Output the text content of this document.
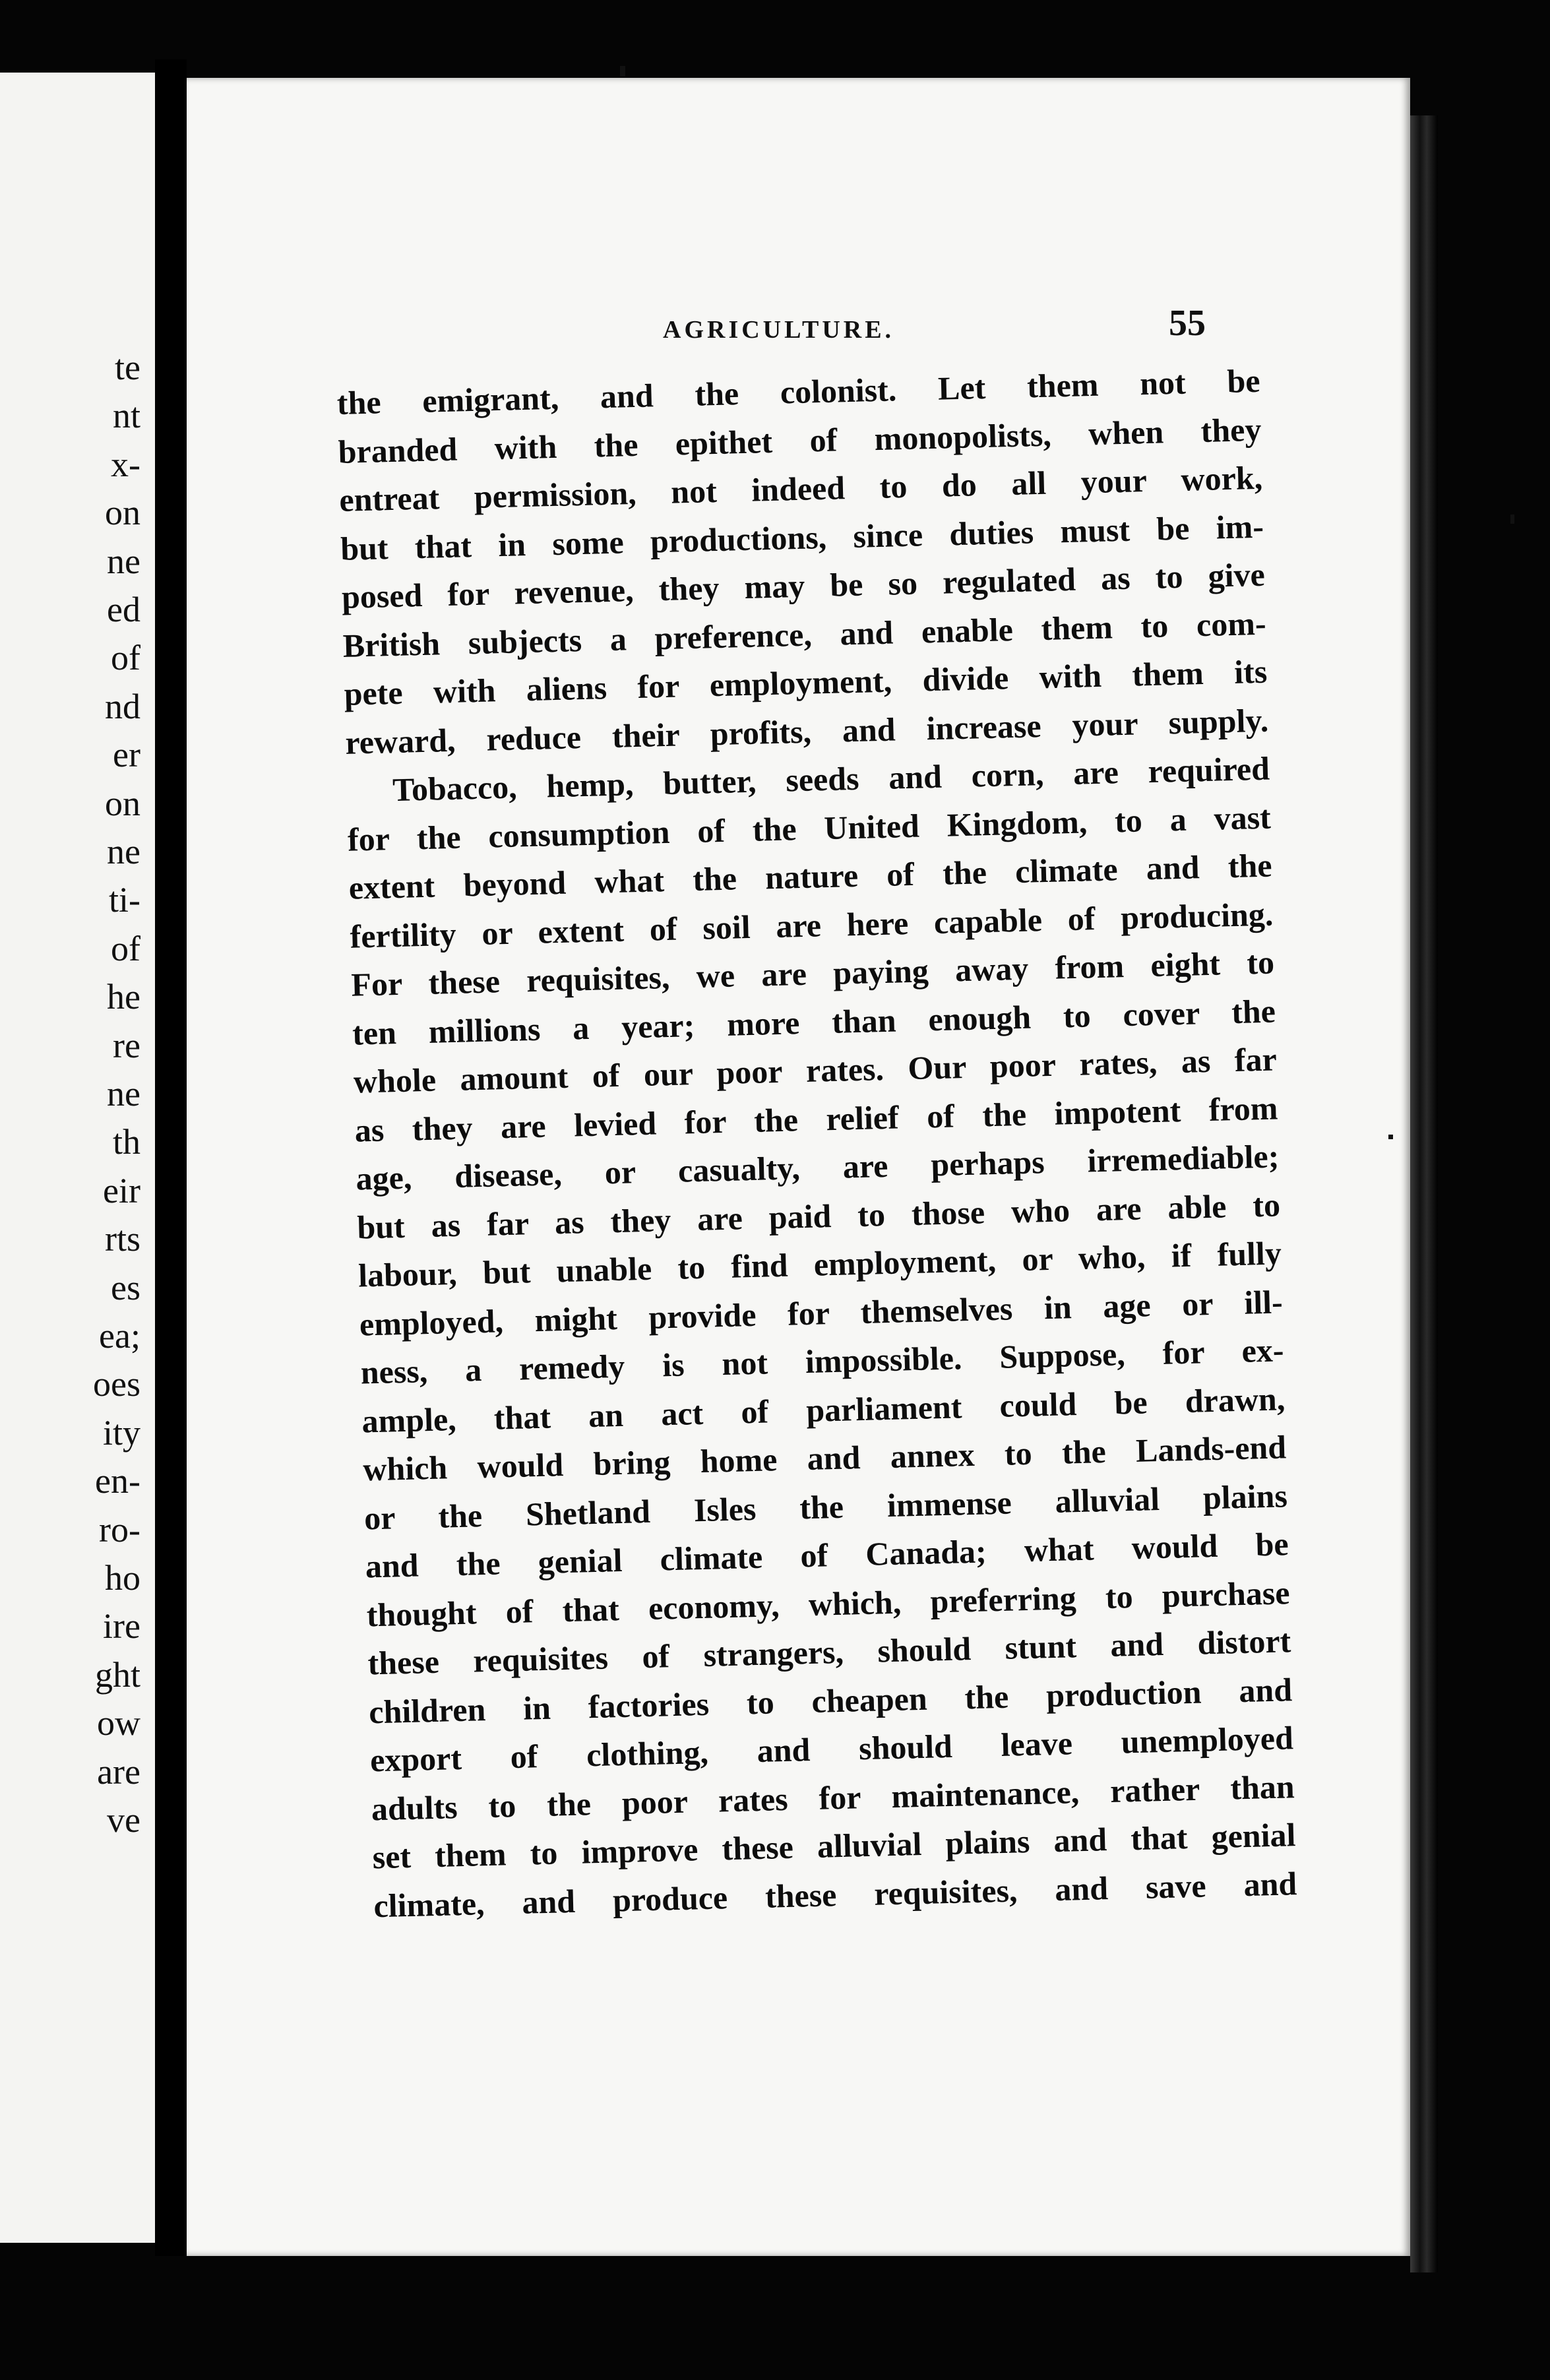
te
nt
x-
on
ne
ed
of
nd
er
on
ne
ti-
of
he
re
ne
th
eir
rts
es
ea;
oes
ity
en-
ro-
ho
ire
ght
ow
are
ve
AGRICULTURE.	55
the emigrant, and the colonist. Let them not be
branded with the epithet of monopolists, when they
entreat permission, not indeed to do all your work,
but that in some productions, since duties must be im-
posed for revenue, they may be so regulated as to give
British subjects a preference, and enable them to com-
pete with aliens for employment, divide with them its
reward, reduce their profits, and increase your supply.
Tobacco, hemp, butter, seeds and corn, are required
for the consumption of the United Kingdom, to a vast
extent beyond what the nature of the climate and the
fertility or extent of soil are here capable of producing.
For these requisites, we are paying away from eight to
ten millions a year; more than enough to cover the
whole amount of our poor rates. Our poor rates, as far
as they are levied for the relief of the impotent from
age, disease, or casualty, are perhaps irremediable;
but as far as they are paid to those who are able to
labour, but unable to find employment, or who, if fully
employed, might provide for themselves in age or ill-
ness, a remedy is not impossible. Suppose, for ex-
ample, that an act of parliament could be drawn,
which would bring home and annex to the Lands-end
or the Shetland Isles the immense alluvial plains
and the genial climate of Canada; what would be
thought of that economy, which, preferring to purchase
these requisites of strangers, should stunt and distort
children in factories to cheapen the production and
export of clothing, and should leave unemployed
adults to the poor rates for maintenance, rather than
set them to improve these alluvial plains and that genial
climate, and produce these requisites, and save and
